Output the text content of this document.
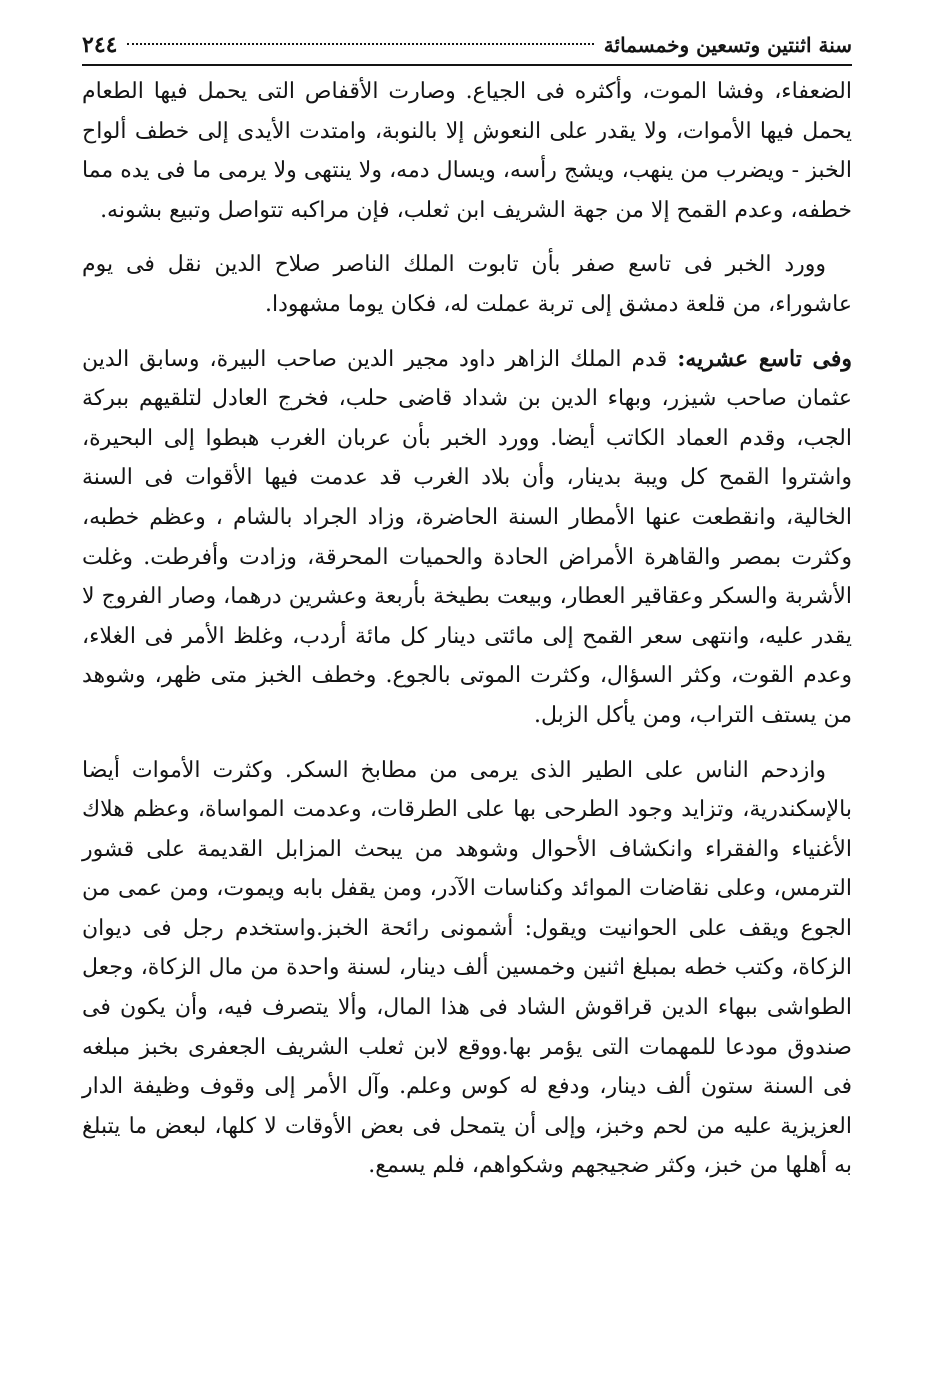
سنة اثنتين وتسعين وخمسمائة
٢٤٤

الضعفاء، وفشا الموت، وأكثره فى الجياع. وصارت الأقفاص التى يحمل فيها الطعام يحمل فيها الأموات، ولا يقدر على النعوش إلا بالنوبة، وامتدت الأيدى إلى خطف ألواح الخبز - ويضرب من ينهب، ويشج رأسه، ويسال دمه، ولا ينتهى ولا يرمى ما فى يده مما خطفه، وعدم القمح إلا من جهة الشريف ابن ثعلب، فإن مراكبه تتواصل وتبيع بشونه.

وورد الخبر فى تاسع صفر بأن تابوت الملك الناصر صلاح الدين نقل فى يوم عاشوراء، من قلعة دمشق إلى تربة عملت له، فكان يوما مشهودا.

وفى تاسع عشريه: قدم الملك الزاهر داود مجير الدين صاحب البيرة، وسابق الدين عثمان صاحب شيزر، وبهاء الدين بن شداد قاضى حلب، فخرج العادل لتلقيهم ببركة الجب، وقدم العماد الكاتب أيضا. وورد الخبر بأن عربان الغرب هبطوا إلى البحيرة، واشتروا القمح كل ويبة بدينار، وأن بلاد الغرب قد عدمت فيها الأقوات فى السنة الخالية، وانقطعت عنها الأمطار السنة الحاضرة، وزاد الجراد بالشام ، وعظم خطبه، وكثرت بمصر والقاهرة الأمراض الحادة والحميات المحرقة، وزادت وأفرطت. وغلت الأشربة والسكر وعقاقير العطار، وبيعت بطيخة بأربعة وعشرين درهما، وصار الفروج لا يقدر عليه، وانتهى سعر القمح إلى مائتى دينار كل مائة أردب، وغلظ الأمر فى الغلاء، وعدم القوت، وكثر السؤال، وكثرت الموتى بالجوع. وخطف الخبز متى ظهر، وشوهد من يستف التراب، ومن يأكل الزبل.

وازدحم الناس على الطير الذى يرمى من مطابخ السكر. وكثرت الأموات أيضا بالإسكندرية، وتزايد وجود الطرحى بها على الطرقات، وعدمت المواساة، وعظم هلاك الأغنياء والفقراء وانكشاف الأحوال وشوهد من يبحث المزابل القديمة على قشور الترمس، وعلى نقاضات الموائد وكناسات الآدر، ومن يقفل بابه ويموت، ومن عمى من الجوع ويقف على الحوانيت ويقول: أشمونى رائحة الخبز.واستخدم رجل فى ديوان الزكاة، وكتب خطه بمبلغ اثنين وخمسين ألف دينار، لسنة واحدة من مال الزكاة، وجعل الطواشى ببهاء الدين قراقوش الشاد فى هذا المال، وألا يتصرف فيه، وأن يكون فى صندوق مودعا للمهمات التى يؤمر بها.ووقع لابن ثعلب الشريف الجعفرى بخبز مبلغه فى السنة ستون ألف دينار، ودفع له كوس وعلم. وآل الأمر إلى وقوف وظيفة الدار العزيزية عليه من لحم وخبز، وإلى أن يتمحل فى بعض الأوقات لا كلها، لبعض ما يتبلغ به أهلها من خبز، وكثر ضجيجهم وشكواهم، فلم يسمع.
